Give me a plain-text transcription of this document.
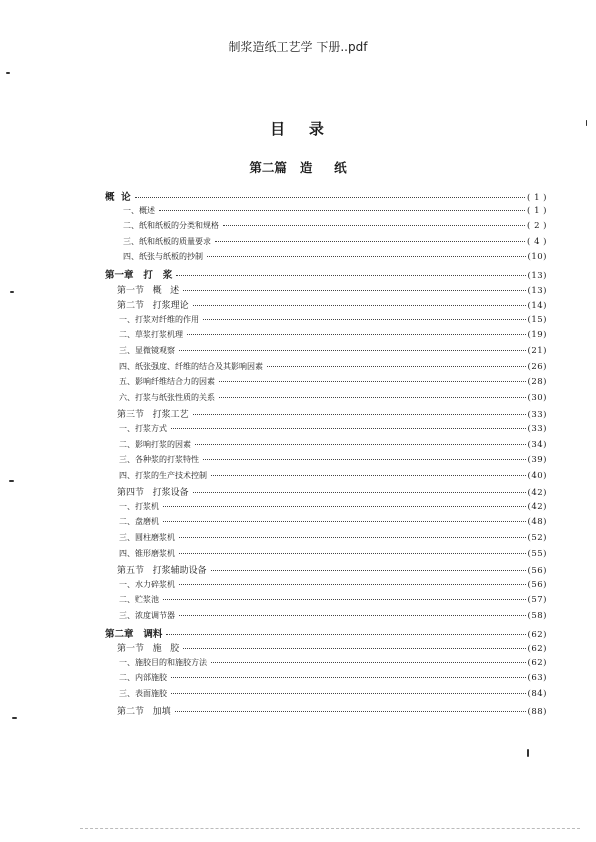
制浆造纸工艺学 下册..pdf
目   录
第二篇   造     纸
概  论	( 1 )
一、概述	( 1 )
二、纸和纸板的分类和规格	( 2 )
三、纸和纸板的质量要求	( 4 )
四、纸张与纸板的抄制	(10)
第一章   打   浆	(13)
第一节   概   述	(13)
第二节   打浆理论	(14)
一、打浆对纤维的作用	(15)
二、草浆打浆机理	(19)
三、显微镜观察	(21)
四、纸张强度、纤维的结合及其影响因素	(26)
五、影响纤维结合力的因素	(28)
六、打浆与纸张性质的关系	(30)
第三节   打浆工艺	(33)
一、打浆方式	(33)
二、影响打浆的因素	(34)
三、各种浆的打浆特性	(39)
四、打浆的生产技术控制	(40)
第四节   打浆设备	(42)
一、打浆机	(42)
二、盘磨机	(48)
三、圆柱磨浆机	(52)
四、锥形磨浆机	(55)
第五节   打浆辅助设备	(56)
一、水力碎浆机	(56)
二、贮浆池	(57)
三、浓度调节器	(58)
第二章   调料	(62)
第一节   施   胶	(62)
一、施胶目的和施胶方法	(62)
二、内部施胶	(63)
三、表面施胶	(84)
第二节   加填	(88)
